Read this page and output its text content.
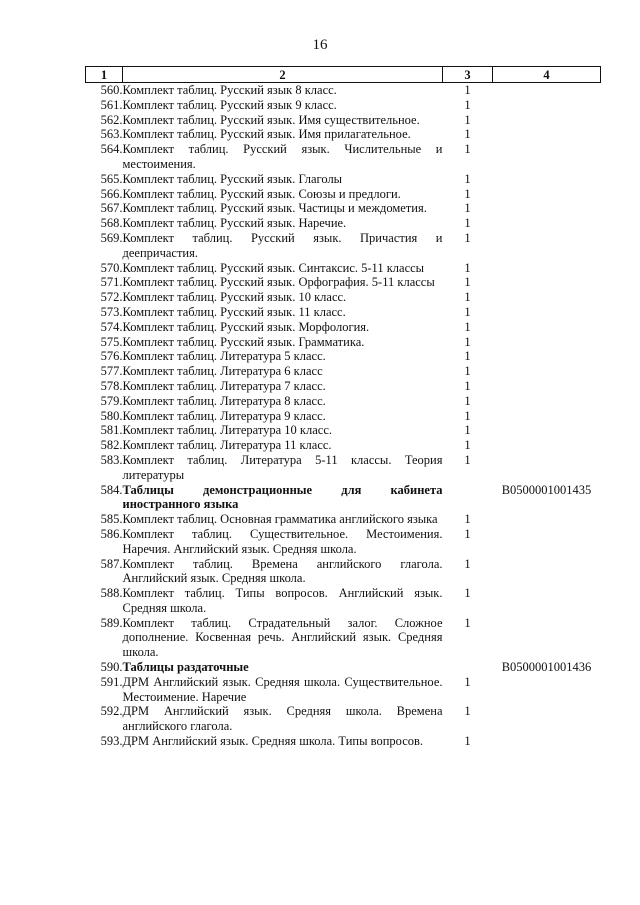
16
1	2	3	4
560.	Комплект таблиц. Русский язык 8 класс.	1	
561.	Комплект таблиц. Русский язык 9 класс.	1	
562.	Комплект таблиц. Русский язык. Имя существительное.	1	
563.	Комплект таблиц. Русский язык. Имя прилагательное.	1	
564.	Комплект таблиц. Русский язык. Числительные и местоимения.	1	
565.	Комплект таблиц. Русский язык. Глаголы	1	
566.	Комплект таблиц. Русский язык. Союзы и предлоги.	1	
567.	Комплект таблиц. Русский язык. Частицы и междометия.	1	
568.	Комплект таблиц. Русский язык. Наречие.	1	
569.	Комплект таблиц. Русский язык. Причастия и деепричастия.	1	
570.	Комплект таблиц. Русский язык. Синтаксис. 5-11 классы	1	
571.	Комплект таблиц. Русский язык. Орфография. 5-11 классы	1	
572.	Комплект таблиц. Русский язык. 10 класс.	1	
573.	Комплект таблиц. Русский язык. 11 класс.	1	
574.	Комплект таблиц. Русский язык. Морфология.	1	
575.	Комплект таблиц. Русский язык. Грамматика.	1	
576.	Комплект таблиц. Литература 5 класс.	1	
577.	Комплект таблиц. Литература 6 класс	1	
578.	Комплект таблиц. Литература 7 класс.	1	
579.	Комплект таблиц. Литература 8 класс.	1	
580.	Комплект таблиц. Литература 9 класс.	1	
581.	Комплект таблиц. Литература 10 класс.	1	
582.	Комплект таблиц. Литература 11 класс.	1	
583.	Комплект таблиц. Литература 5-11 классы. Теория литературы	1	
584.	Таблицы демонстрационные для кабинета иностранного языка		В0500001001435
585.	Комплект таблиц. Основная грамматика английского языка	1	
586.	Комплект таблиц. Существительное. Местоимения. Наречия. Английский язык. Средняя школа.	1	
587.	Комплект таблиц. Времена английского глагола. Английский язык. Средняя школа.	1	
588.	Комплект таблиц. Типы вопросов. Английский язык. Средняя школа.	1	
589.	Комплект таблиц. Страдательный залог. Сложное дополнение. Косвенная речь. Английский язык. Средняя школа.	1	
590.	Таблицы раздаточные		В0500001001436
591.	ДРМ Английский язык. Средняя школа. Существительное. Местоимение. Наречие	1	
592.	ДРМ Английский язык. Средняя школа. Времена английского глагола.	1	
593.	ДРМ Английский язык. Средняя школа. Типы вопросов.	1	
